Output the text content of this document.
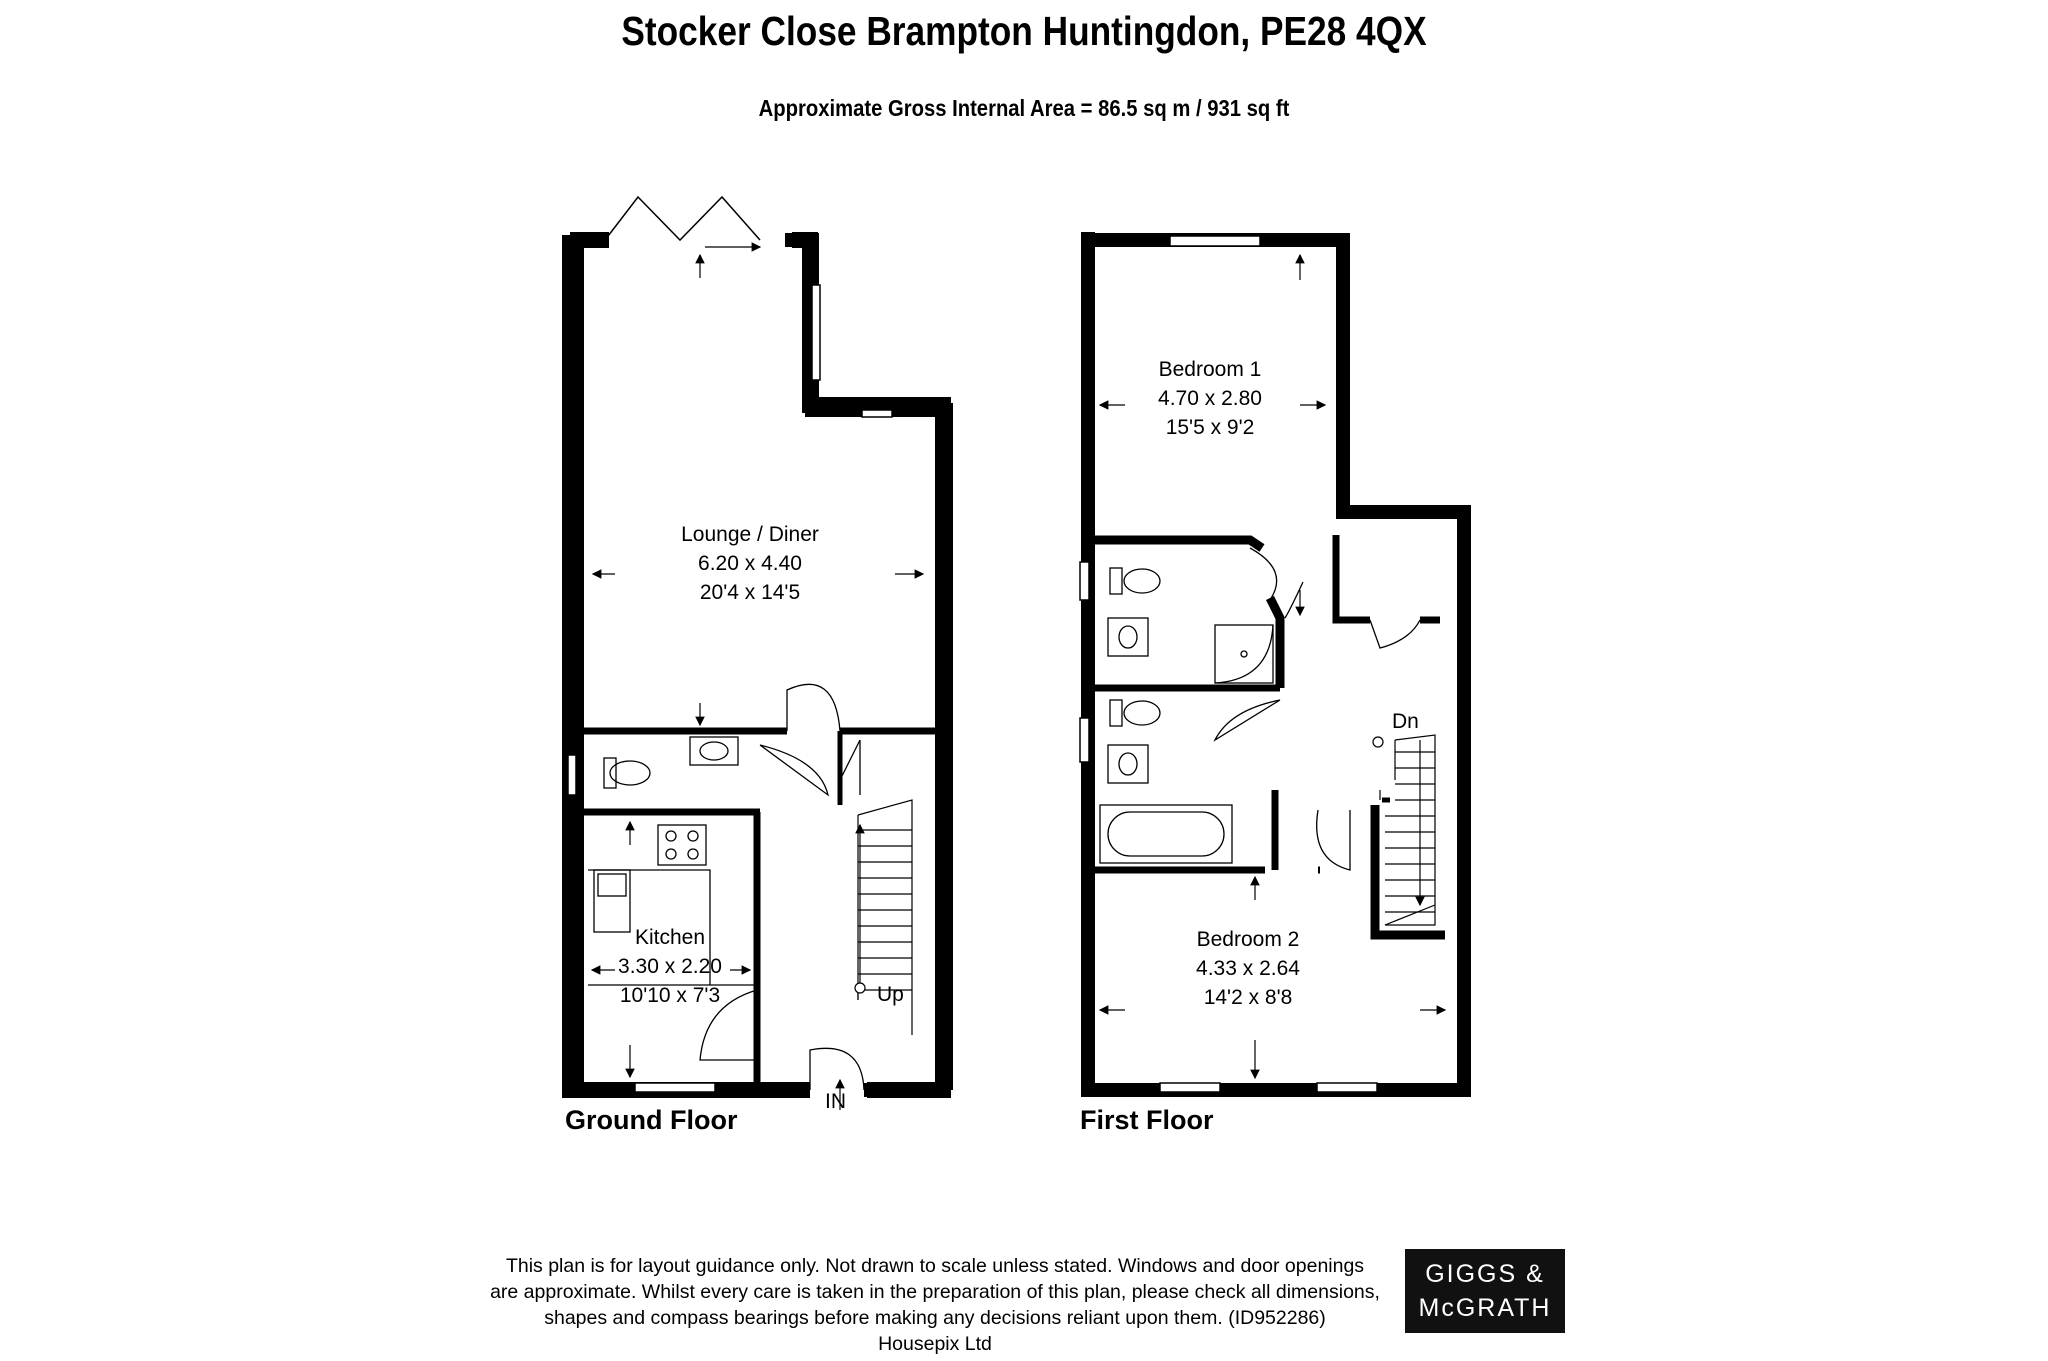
Stocker Close Brampton Huntingdon, PE28 4QX
Approximate Gross Internal Area = 86.5 sq m / 931 sq ft
Lounge / Diner
6.20 x 4.40
20'4 x 14'5
Kitchen
3.30 x 2.20
10'10 x 7'3	Up
IN
Bedroom 1
4.70 x 2.80
15'5 x 9'2
Bedroom 2
4.33 x 2.64
14'2 x 8'8
Dn
Ground Floor	First Floor
This plan is for layout guidance only. Not drawn to scale unless stated. Windows and door openings
are approximate. Whilst every care is taken in the preparation of this plan, please check all dimensions,
shapes and compass bearings before making any decisions reliant upon them. (ID952286)
Housepix Ltd
GIGGS &
McGRATH
